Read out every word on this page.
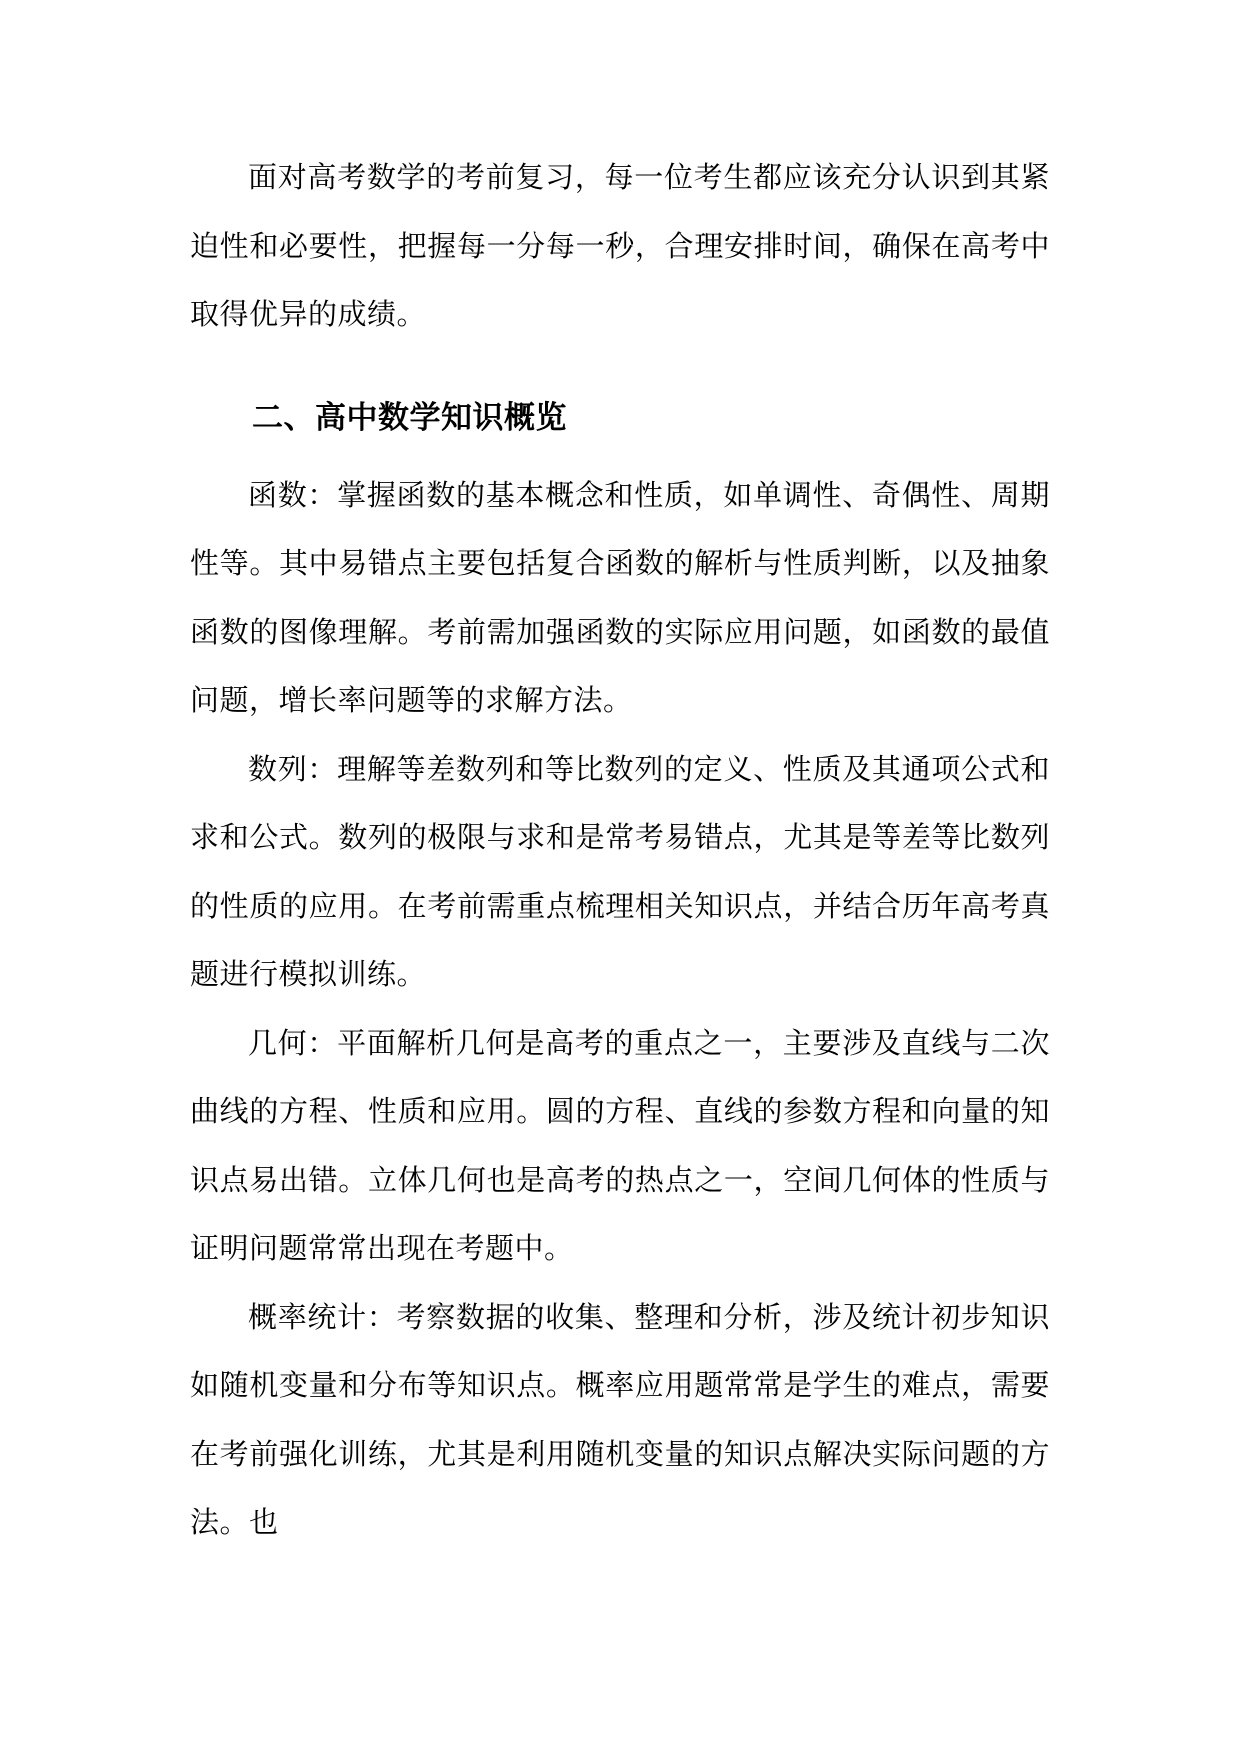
面对高考数学的考前复习，每一位考生都应该充分认识到其紧迫性和必要性，把握每一分每一秒，合理安排时间，确保在高考中取得优异的成绩。

二、高中数学知识概览

函数：掌握函数的基本概念和性质，如单调性、奇偶性、周期性等。其中易错点主要包括复合函数的解析与性质判断，以及抽象函数的图像理解。考前需加强函数的实际应用问题，如函数的最值问题，增长率问题等的求解方法。

数列：理解等差数列和等比数列的定义、性质及其通项公式和求和公式。数列的极限与求和是常考易错点，尤其是等差等比数列的性质的应用。在考前需重点梳理相关知识点，并结合历年高考真题进行模拟训练。

几何：平面解析几何是高考的重点之一，主要涉及直线与二次曲线的方程、性质和应用。圆的方程、直线的参数方程和向量的知识点易出错。立体几何也是高考的热点之一，空间几何体的性质与证明问题常常出现在考题中。

概率统计：考察数据的收集、整理和分析，涉及统计初步知识如随机变量和分布等知识点。概率应用题常常是学生的难点，需要在考前强化训练，尤其是利用随机变量的知识点解决实际问题的方法。也
